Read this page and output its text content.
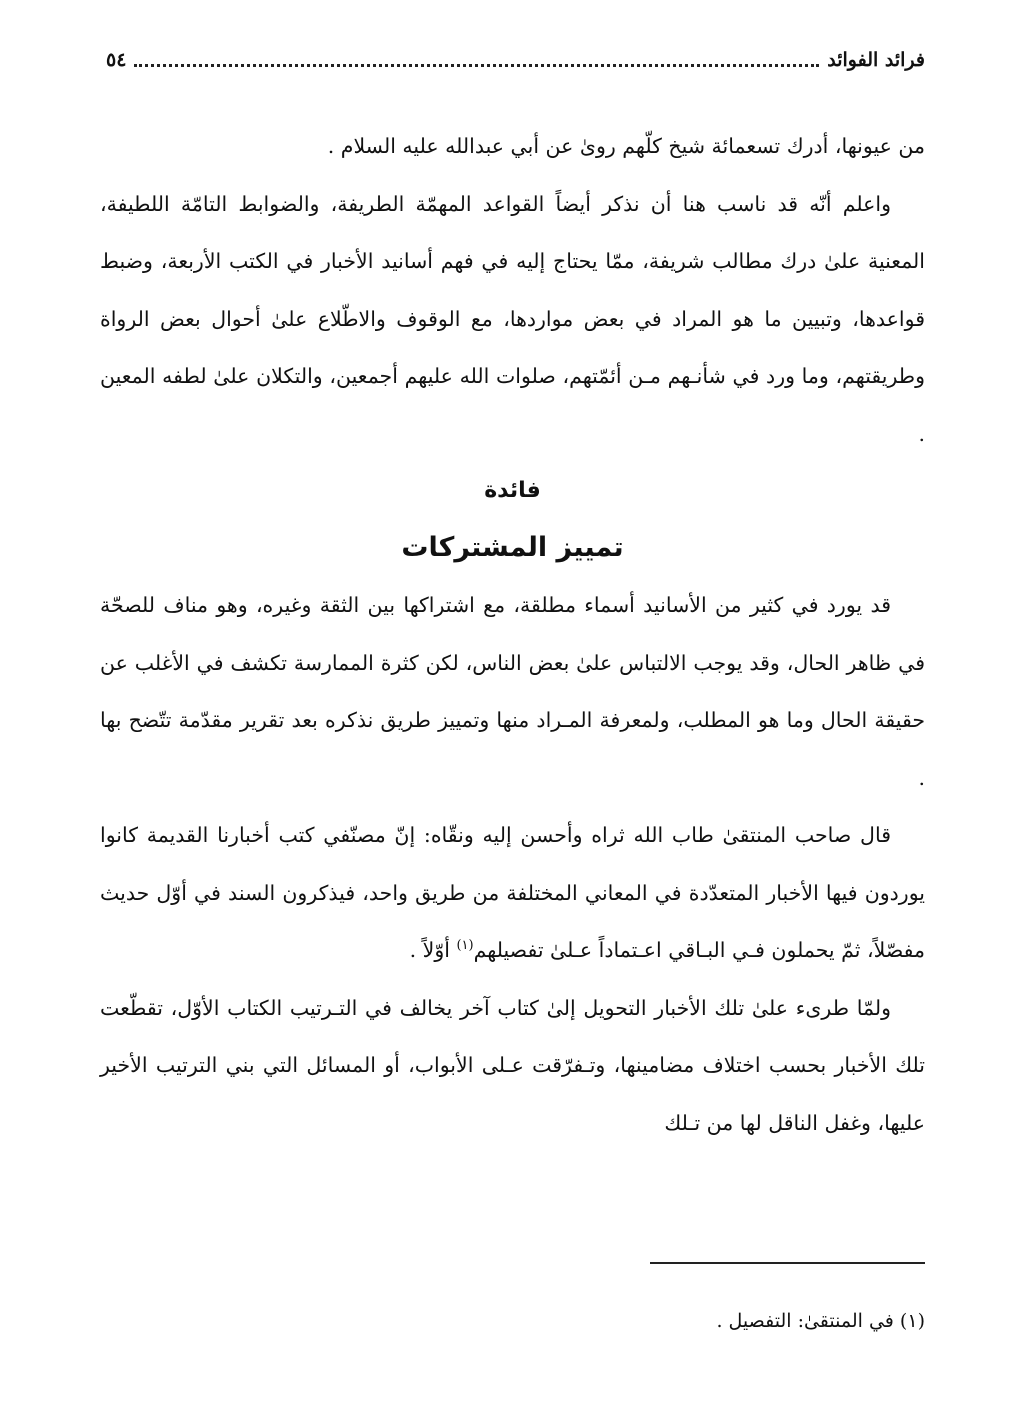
فرائد الفوائد
٥٤

من عيونها، أدرك تسعمائة شيخ كلّهم روىٰ عن أبي عبدالله عليه السلام .

واعلم أنّه قد ناسب هنا أن نذكر أيضاً القواعد المهمّة الطريفة، والضوابط التامّة اللطيفة، المعنية علىٰ درك مطالب شريفة، ممّا يحتاج إليه في فهم أسانيد الأخبار في الكتب الأربعة، وضبط قواعدها، وتبيين ما هو المراد في بعض مواردها، مع الوقوف والاطّلاع علىٰ أحوال بعض الرواة وطريقتهم، وما ورد في شأنـهم مـن أئمّتهم، صلوات الله عليهم أجمعين، والتكلان علىٰ لطفه المعين .

فائدة

تمييز المشتركات

قد يورد في كثير من الأسانيد أسماء مطلقة، مع اشتراكها بين الثقة وغيره، وهو مناف للصحّة في ظاهر الحال، وقد يوجب الالتباس علىٰ بعض الناس، لكن كثرة الممارسة تكشف في الأغلب عن حقيقة الحال وما هو المطلب، ولمعرفة المـراد منها وتمييز طريق نذكره بعد تقرير مقدّمة تتّضح بها .

قال صاحب المنتقىٰ طاب الله ثراه وأحسن إليه ونقّاه: إنّ مصنّفي كتب أخبارنا القديمة كانوا يوردون فيها الأخبار المتعدّدة في المعاني المختلفة من طريق واحد، فيذكرون السند في أوّل حديث مفصّلاً، ثمّ يحملون فـي البـاقي اعـتماداً عـلىٰ تفصيلهم$^{(١)}$ أوّلاً .

ولمّا طرىء علىٰ تلك الأخبار التحويل إلىٰ كتاب آخر يخالف في التـرتيب الكتاب الأوّل، تقطّعت تلك الأخبار بحسب اختلاف مضامينها، وتـفرّقت عـلى الأبواب، أو المسائل التي بني الترتيب الأخير عليها، وغفل الناقل لها من تـلك

(١) في المنتقىٰ: التفصيل .
